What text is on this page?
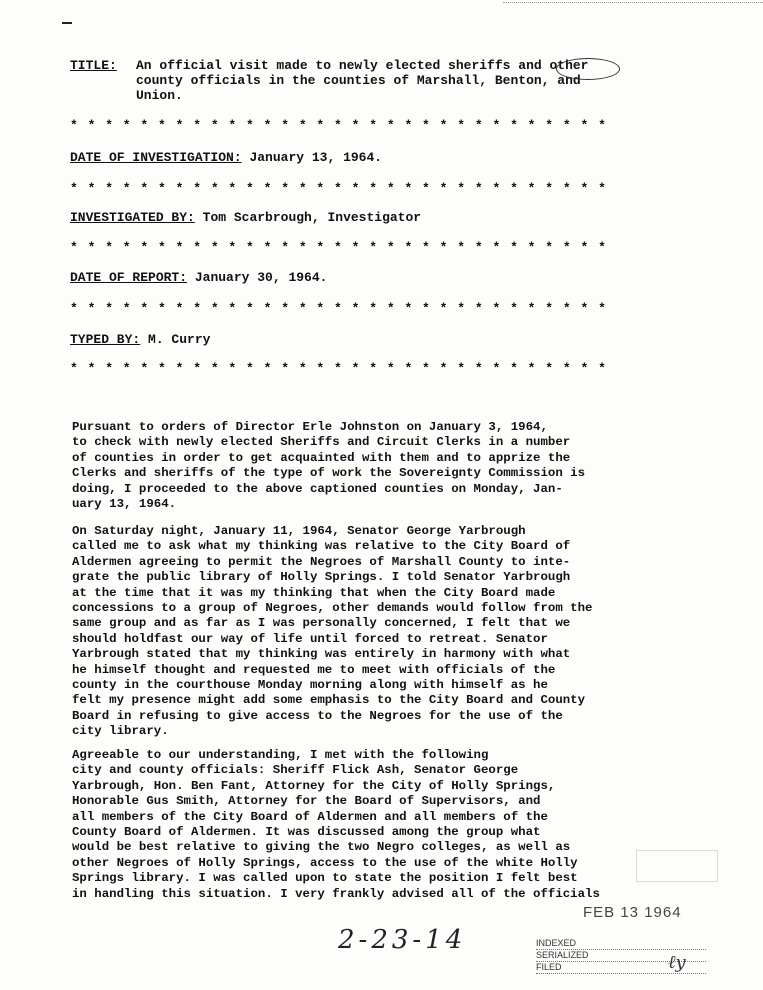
TITLE: An official visit made to newly elected sheriffs and other
county officials in the counties of Marshall, Benton, and
Union.
* * * * * * * * * * * * * * * * * * * * * * * * * * * * * * *
DATE OF INVESTIGATION: January 13, 1964.
* * * * * * * * * * * * * * * * * * * * * * * * * * * * * * *
INVESTIGATED BY: Tom Scarbrough, Investigator
* * * * * * * * * * * * * * * * * * * * * * * * * * * * * * *
DATE OF REPORT: January 30, 1964.
* * * * * * * * * * * * * * * * * * * * * * * * * * * * * * *
TYPED BY: M. Curry
* * * * * * * * * * * * * * * * * * * * * * * * * * * * * * *
Pursuant to orders of Director Erle Johnston on January 3, 1964,
to check with newly elected Sheriffs and Circuit Clerks in a number
of counties in order to get acquainted with them and to apprize the
Clerks and sheriffs of the type of work the Sovereignty Commission is
doing, I proceeded to the above captioned counties on Monday, Jan-
uary 13, 1964.
On Saturday night, January 11, 1964, Senator George Yarbrough
called me to ask what my thinking was relative to the City Board of
Aldermen agreeing to permit the Negroes of Marshall County to inte-
grate the public library of Holly Springs. I told Senator Yarbrough
at the time that it was my thinking that when the City Board made
concessions to a group of Negroes, other demands would follow from the
same group and as far as I was personally concerned, I felt that we
should holdfast our way of life until forced to retreat. Senator
Yarbrough stated that my thinking was entirely in harmony with what
he himself thought and requested me to meet with officials of the
county in the courthouse Monday morning along with himself as he
felt my presence might add some emphasis to the City Board and County
Board in refusing to give access to the Negroes for the use of the
city library.
Agreeable to our understanding, I met with the following
city and county officials: Sheriff Flick Ash, Senator George
Yarbrough, Hon. Ben Fant, Attorney for the City of Holly Springs,
Honorable Gus Smith, Attorney for the Board of Supervisors, and
all members of the City Board of Aldermen and all members of the
County Board of Aldermen. It was discussed among the group what
would be best relative to giving the two Negro colleges, as well as
other Negroes of Holly Springs, access to the use of the white Holly
Springs library. I was called upon to state the position I felt best
in handling this situation. I very frankly advised all of the officials
FEB 13 1964
2-23-14	INDEXED
SERIALIZED
FILED	ℓy
